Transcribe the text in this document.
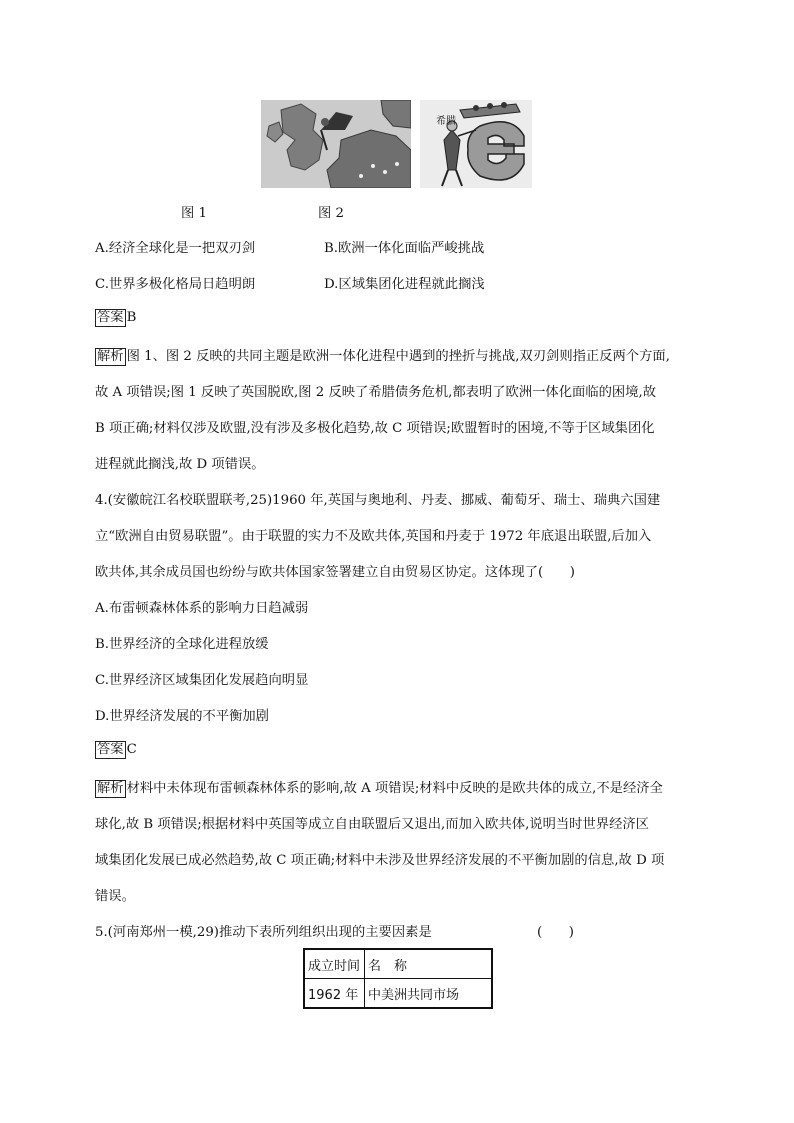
希腊
图 1	图 2
A.经济全球化是一把双刃剑	B.欧洲一体化面临严峻挑战
C.世界多极化格局日趋明朗	D.区域集团化进程就此搁浅
答案 B
解析 图 1、图 2 反映的共同主题是欧洲一体化进程中遇到的挫折与挑战,双刃剑则指正反两个方面,
故 A 项错误;图 1 反映了英国脱欧,图 2 反映了希腊债务危机,都表明了欧洲一体化面临的困境,故
B 项正确;材料仅涉及欧盟,没有涉及多极化趋势,故 C 项错误;欧盟暂时的困境,不等于区域集团化
进程就此搁浅,故 D 项错误。
4.(安徽皖江名校联盟联考,25)1960 年,英国与奥地利、丹麦、挪威、葡萄牙、瑞士、瑞典六国建
立“欧洲自由贸易联盟”。由于联盟的实力不及欧共体,英国和丹麦于 1972 年底退出联盟,后加入
欧共体,其余成员国也纷纷与欧共体国家签署建立自由贸易区协定。这体现了(　　)
A.布雷顿森林体系的影响力日趋减弱
B.世界经济的全球化进程放缓
C.世界经济区域集团化发展趋向明显
D.世界经济发展的不平衡加剧
答案 C
解析 材料中未体现布雷顿森林体系的影响,故 A 项错误;材料中反映的是欧共体的成立,不是经济全
球化,故 B 项错误;根据材料中英国等成立自由联盟后又退出,而加入欧共体,说明当时世界经济区
域集团化发展已成必然趋势,故 C 项正确;材料中未涉及世界经济发展的不平衡加剧的信息,故 D 项
错误。
5.(河南郑州一模,29)推动下表所列组织出现的主要因素是	(　　)
成立时间	名　称
1962 年	中美洲共同市场
